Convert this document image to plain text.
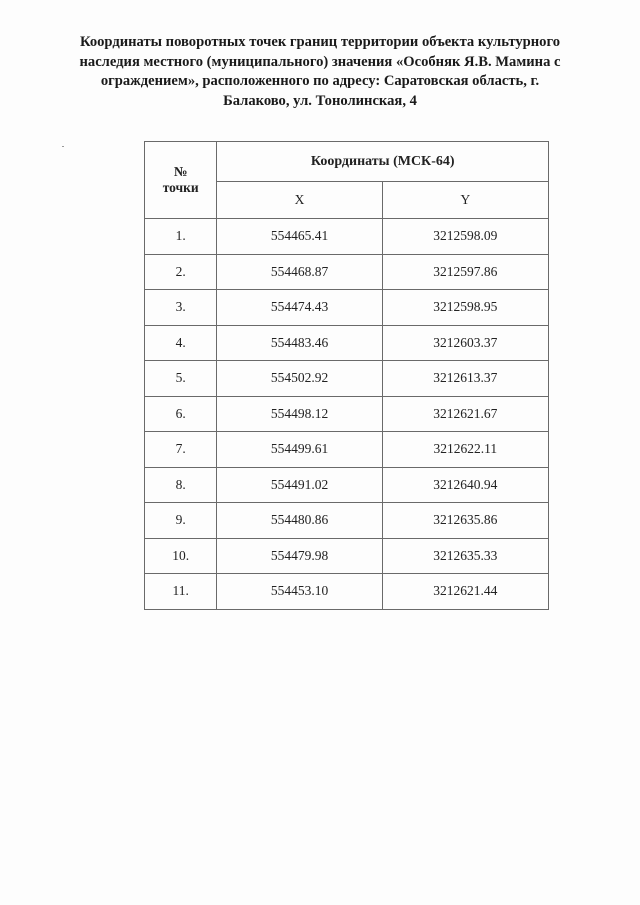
Координаты поворотных точек границ территории объекта культурного
наследия местного (муниципального) значения «Особняк Я.В. Мамина с
ограждением», расположенного по адресу: Саратовская область, г.
Балаково, ул. Тонолинская, 4
№
точки	Координаты (МСК-64)	
	X	Y
1.	554465.41	3212598.09
2.	554468.87	3212597.86
3.	554474.43	3212598.95
4.	554483.46	3212603.37
5.	554502.92	3212613.37
6.	554498.12	3212621.67
7.	554499.61	3212622.11
8.	554491.02	3212640.94
9.	554480.86	3212635.86
10.	554479.98	3212635.33
11.	554453.10	3212621.44
